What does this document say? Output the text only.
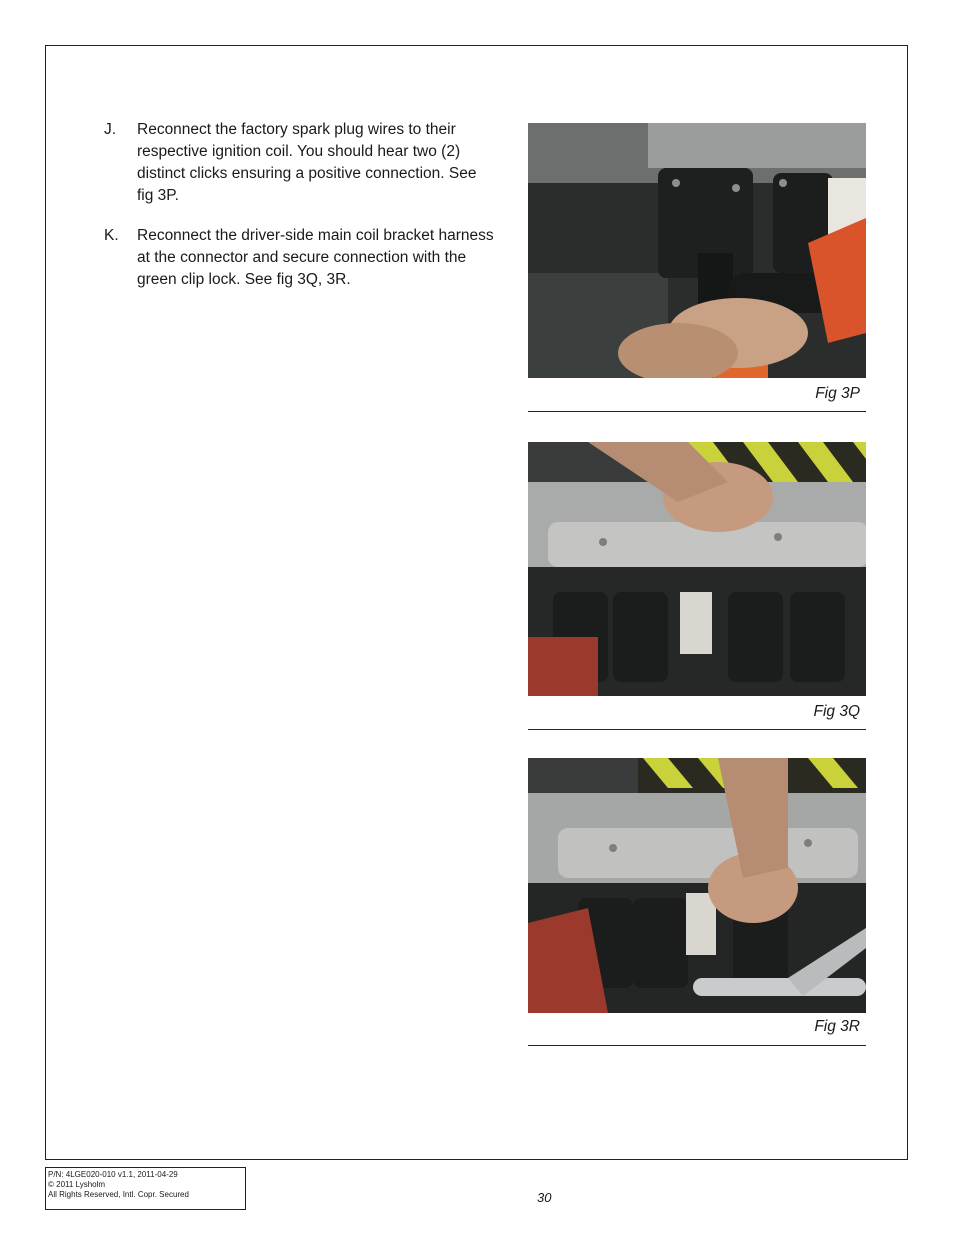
J. Reconnect the factory spark plug wires to their respective ignition coil. You should hear two (2) distinct clicks ensuring a positive connection. See fig 3P.
K. Reconnect the driver-side main coil bracket harness at the connector and secure connection with the green clip lock. See fig 3Q, 3R.
Fig 3P
Fig 3Q
Fig 3R
P/N: 4LGE020-010 v1.1, 2011-04-29
© 2011 Lysholm
All Rights Reserved, Intl. Copr. Secured	30
